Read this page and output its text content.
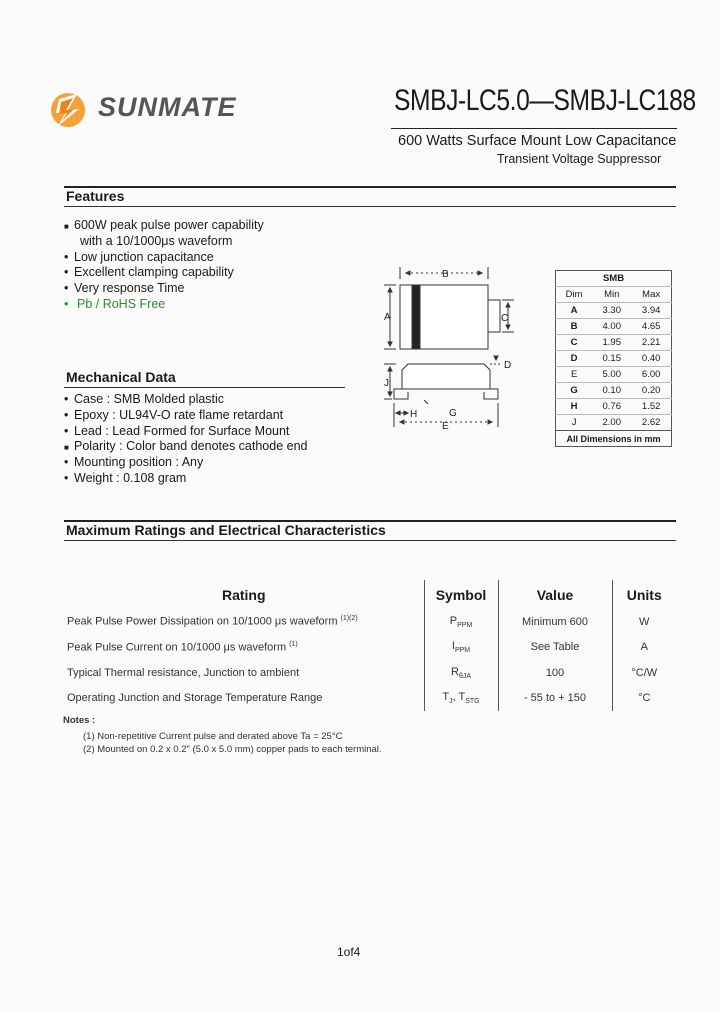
SUNMATE	SMBJ-LC5.0—SMBJ-LC188
600 Watts Surface Mount Low Capacitance
Transient Voltage Suppressor
Features
■ 600W peak pulse power capability
with a 10/1000μs waveform
• Low junction capacitance
• Excellent clamping capability
• Very response Time
• Pb / RoHS Free
Mechanical Data
• Case : SMB Molded plastic
• Epoxy : UL94V-O rate flame retardant
• Lead : Lead Formed for Surface Mount
■ Polarity : Color band denotes cathode end
• Mounting position : Any
• Weight : 0.108 gram
B
A	C
D
J
H	G
E
SMB		
Dim	Min	Max
A	3.30	3.94
B	4.00	4.65
C	1.95	2.21
D	0.15	0.40
E	5.00	6.00
G	0.10	0.20
H	0.76	1.52
J	2.00	2.62
All Dimensions in mm		
Maximum Ratings and Electrical Characteristics
Rating	Symbol	Value	Units
Peak Pulse Power Dissipation on 10/1000 μs waveform $^{(1)(2)}$	$P_{PPM}$	Minimum 600	W
Peak Pulse Current on 10/1000 μs waveform $^{(1)}$	$I_{PPM}$	See Table	A
Typical Thermal resistance, Junction to ambient	$R_{\theta JA}$	100	°C/W
Operating Junction and Storage Temperature Range	$T_J$, $T_{STG}$	- 55 to + 150	°C
Notes :
(1) Non-repetitive Current pulse and derated above Ta = 25°C
(2) Mounted on 0.2 x 0.2" (5.0 x 5.0 mm) copper pads to each terminal.
1of4
